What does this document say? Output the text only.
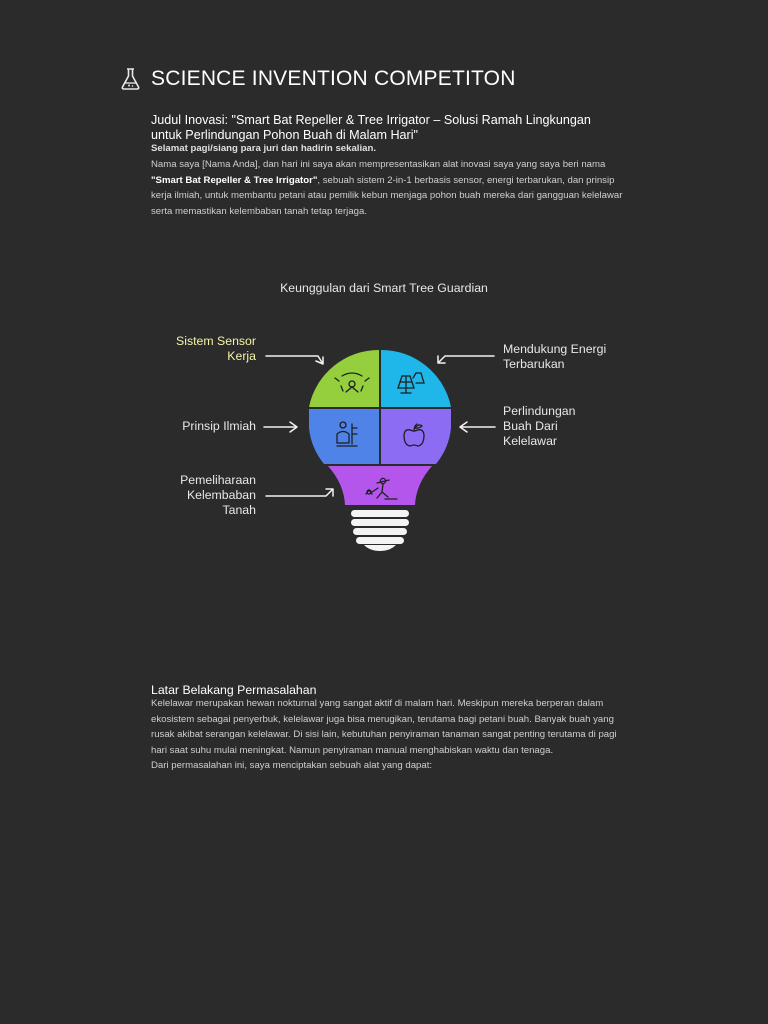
SCIENCE INVENTION COMPETITON
Judul Inovasi: "Smart Bat Repeller & Tree Irrigator – Solusi Ramah Lingkungan untuk Perlindungan Pohon Buah di Malam Hari"
Selamat pagi/siang para juri dan hadirin sekalian.
Nama saya [Nama Anda], dan hari ini saya akan mempresentasikan alat inovasi saya yang saya beri nama "Smart Bat Repeller & Tree Irrigator", sebuah sistem 2-in-1 berbasis sensor, energi terbarukan, dan prinsip kerja ilmiah, untuk membantu petani atau pemilik kebun menjaga pohon buah mereka dari gangguan kelelawar serta memastikan kelembaban tanah tetap terjaga.
Keunggulan dari Smart Tree Guardian
Sistem Sensor Kerja	Mendukung Energi Terbarukan
Prinsip Ilmiah
Perlindungan Buah Dari Kelelawar
Pemeliharaan Kelembaban Tanah
Latar Belakang Permasalahan

Kelelawar merupakan hewan nokturnal yang sangat aktif di malam hari. Meskipun mereka berperan dalam ekosistem sebagai penyerbuk, kelelawar juga bisa merugikan, terutama bagi petani buah. Banyak buah yang rusak akibat serangan kelelawar. Di sisi lain, kebutuhan penyiraman tanaman sangat penting terutama di pagi hari saat suhu mulai meningkat. Namun penyiraman manual menghabiskan waktu dan tenaga.

Dari permasalahan ini, saya menciptakan sebuah alat yang dapat:
